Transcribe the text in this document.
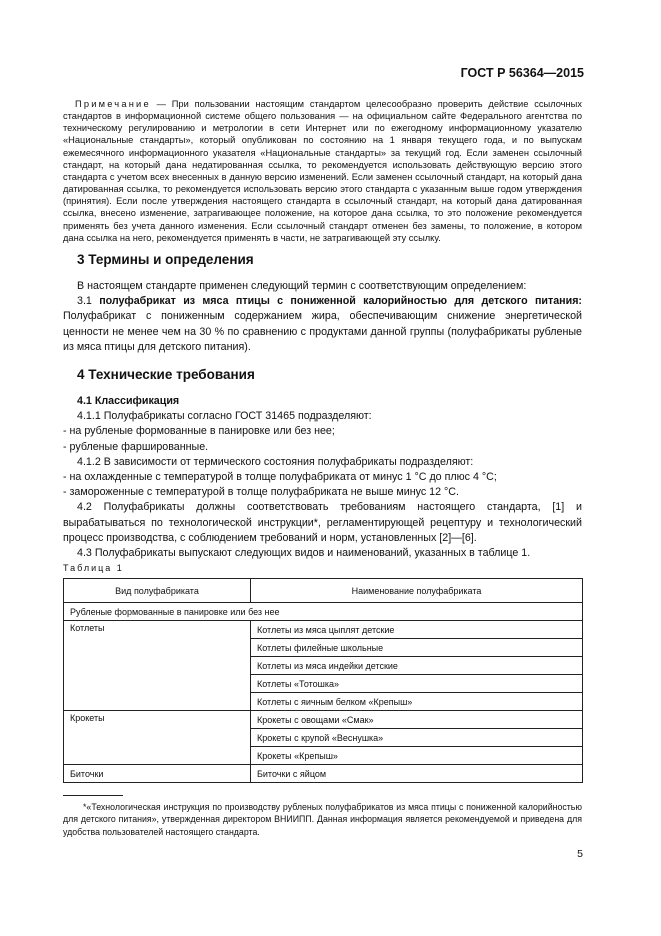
ГОСТ Р 56364—2015

Примечание — При пользовании настоящим стандартом целесообразно проверить действие ссылочных стандартов в информационной системе общего пользования — на официальном сайте Федерального агентства по техническому регулированию и метрологии в сети Интернет или по ежегодному информационному указателю «Национальные стандарты», который опубликован по состоянию на 1 января текущего года, и по выпускам ежемесячного информационного указателя «Национальные стандарты» за текущий год. Если заменен ссылочный стандарт, на который дана недатированная ссылка, то рекомендуется использовать действующую версию этого стандарта с учетом всех внесенных в данную версию изменений. Если заменен ссылочный стандарт, на который дана датированная ссылка, то рекомендуется использовать версию этого стандарта с указанным выше годом утверждения (принятия). Если после утверждения настоящего стандарта в ссылочный стандарт, на который дана датированная ссылка, внесено изменение, затрагивающее положение, на которое дана ссылка, то это положение рекомендуется применять без учета данного изменения. Если ссылочный стандарт отменен без замены, то положение, в котором дана ссылка на него, рекомендуется применять в части, не затрагивающей эту ссылку.

3 Термины и определения

В настоящем стандарте применен следующий термин с соответствующим определением:

3.1 полуфабрикат из мяса птицы с пониженной калорийностью для детского питания: Полуфабрикат с пониженным содержанием жира, обеспечивающим снижение энергетической ценности не менее чем на 30 % по сравнению с продуктами данной группы (полуфабрикаты рубленые из мяса птицы для детского питания).

4 Технические требования

4.1 Классификация

4.1.1 Полуфабрикаты согласно ГОСТ 31465 подразделяют:

- на рубленые формованные в панировке или без нее;

- рубленые фаршированные.

4.1.2 В зависимости от термического состояния полуфабрикаты подразделяют:

- на охлажденные с температурой в толще полуфабриката от минус 1 °С до плюс 4 °С;

- замороженные с температурой в толще полуфабриката не выше минус 12 °С.

4.2 Полуфабрикаты должны соответствовать требованиям настоящего стандарта, [1] и вырабатываться по технологической инструкции*, регламентирующей рецептуру и технологический процесс производства, с соблюдением требований и норм, установленных [2]—[6].

4.3 Полуфабрикаты выпускают следующих видов и наименований, указанных в таблице 1.

Таблица 1
Вид полуфабриката	Наименование полуфабриката
Рубленые формованные в панировке или без нее	
Котлеты	Котлеты из мяса цыплят детские
	Котлеты филейные школьные
	Котлеты из мяса индейки детские
	Котлеты «Тотошка»
	Котлеты с яичным белком «Крепыш»
Крокеты	Крокеты с овощами «Смак»
	Крокеты с крупой «Веснушка»
	Крокеты «Крепыш»
Биточки	Биточки с яйцом

*«Технологическая инструкция по производству рубленых полуфабрикатов из мяса птицы с пониженной калорийностью для детского питания», утвержденная директором ВНИИПП. Данная информация является рекомендуемой и приведена для удобства пользователей настоящего стандарта.

5
